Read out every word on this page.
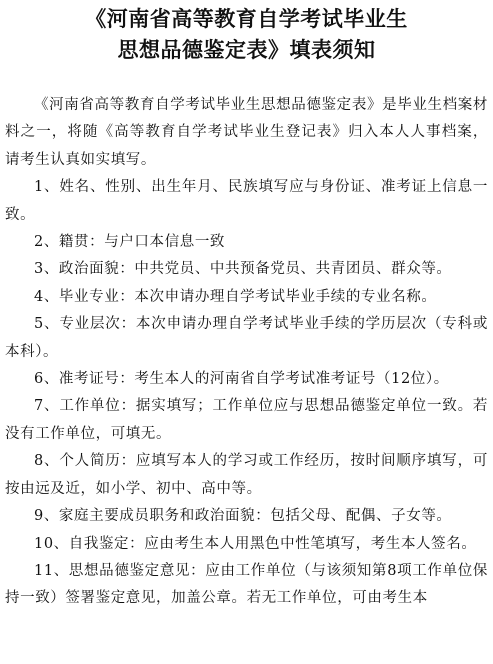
《河南省高等教育自学考试毕业生
思想品德鉴定表》填表须知

《河南省高等教育自学考试毕业生思想品德鉴定表》是毕业生档案材料之一，将随《高等教育自学考试毕业生登记表》归入本人人事档案，请考生认真如实填写。

1、姓名、性别、出生年月、民族填写应与身份证、准考证上信息一致。

2、籍贯：与户口本信息一致

3、政治面貌：中共党员、中共预备党员、共青团员、群众等。

4、毕业专业：本次申请办理自学考试毕业手续的专业名称。

5、专业层次：本次申请办理自学考试毕业手续的学历层次（专科或本科）。

6、准考证号：考生本人的河南省自学考试准考证号（12位）。

7、工作单位：据实填写；工作单位应与思想品德鉴定单位一致。若没有工作单位，可填无。

8、个人简历：应填写本人的学习或工作经历，按时间顺序填写，可按由远及近，如小学、初中、高中等。

9、家庭主要成员职务和政治面貌：包括父母、配偶、子女等。

10、自我鉴定：应由考生本人用黑色中性笔填写，考生本人签名。

11、思想品德鉴定意见：应由工作单位（与该须知第8项工作单位保持一致）签署鉴定意见，加盖公章。若无工作单位，可由考生本
